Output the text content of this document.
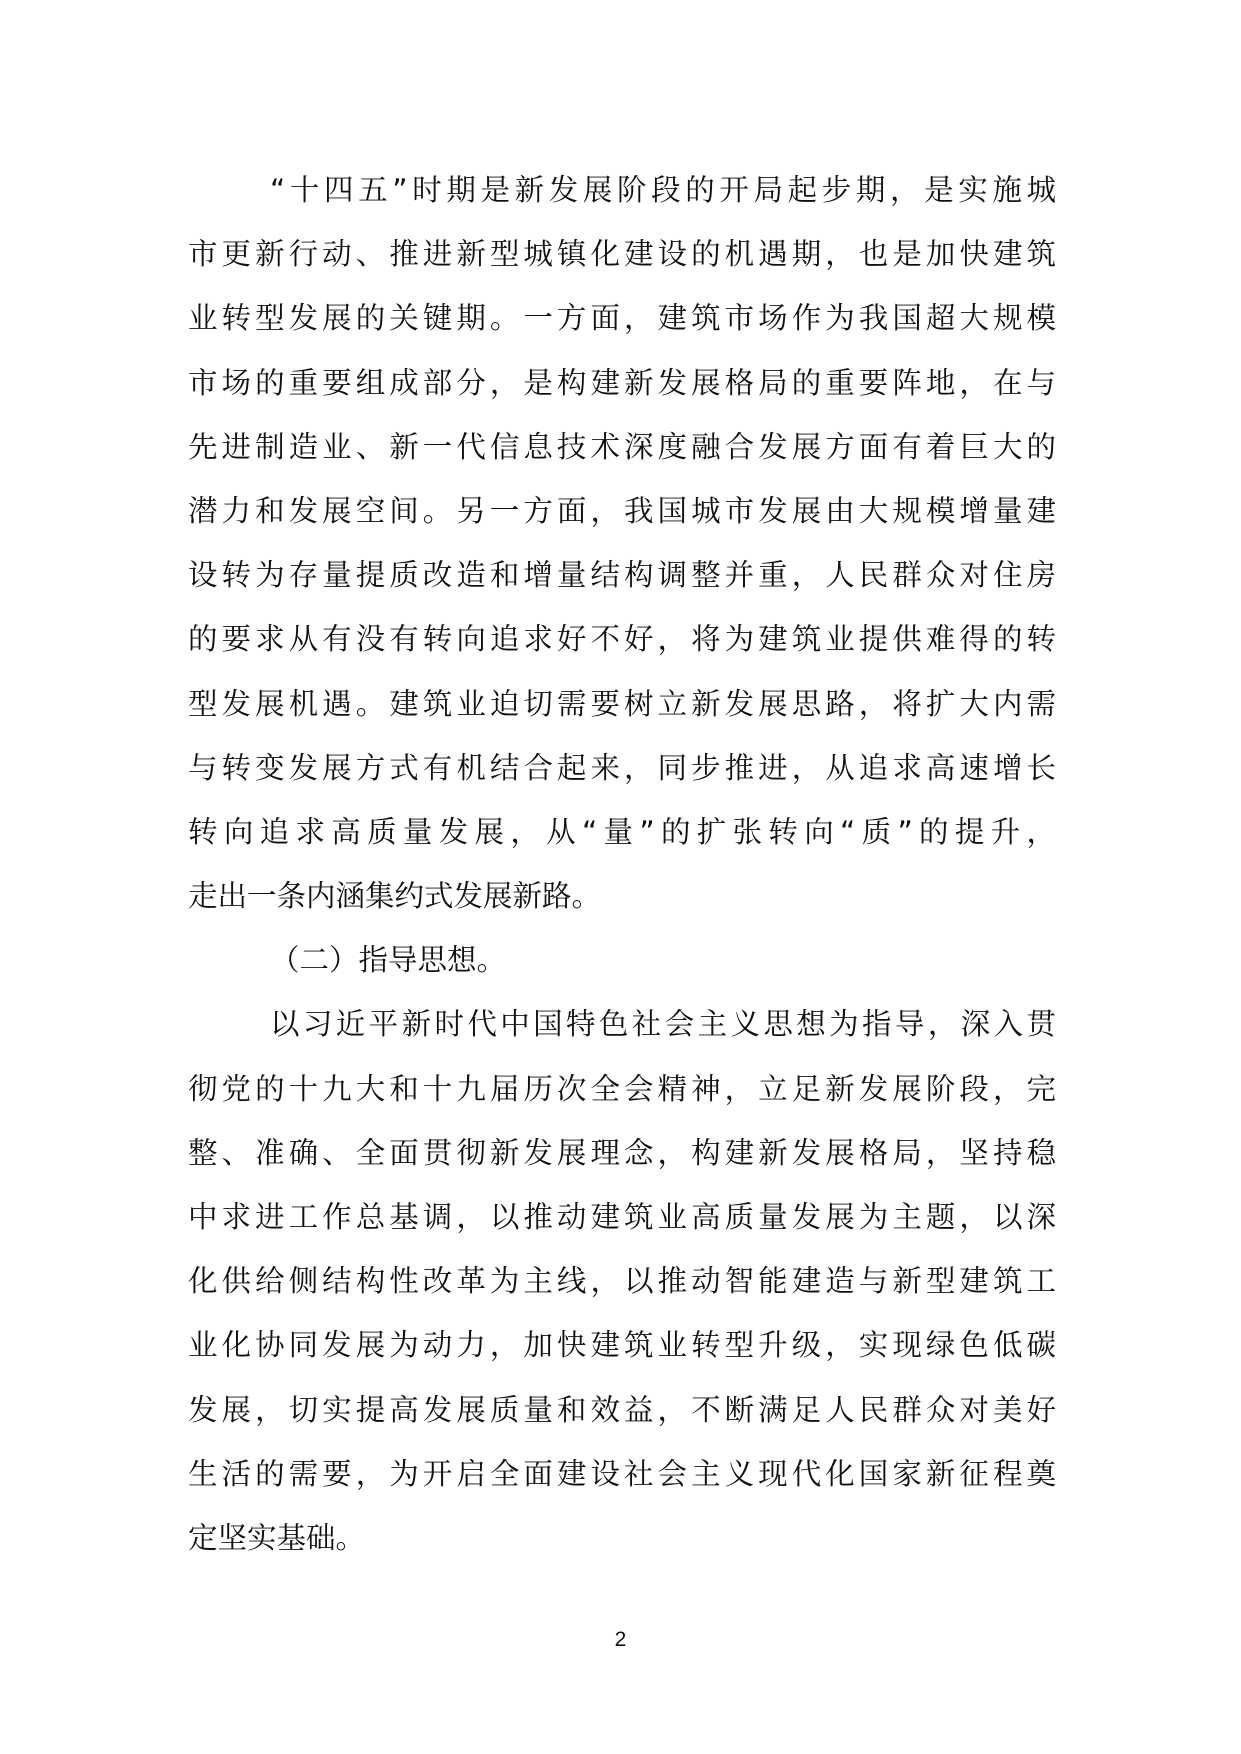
“十四五”时期是新发展阶段的开局起步期，是实施城
市更新行动、推进新型城镇化建设的机遇期，也是加快建筑
业转型发展的关键期。一方面，建筑市场作为我国超大规模
市场的重要组成部分，是构建新发展格局的重要阵地，在与
先进制造业、新一代信息技术深度融合发展方面有着巨大的
潜力和发展空间。另一方面，我国城市发展由大规模增量建
设转为存量提质改造和增量结构调整并重，人民群众对住房
的要求从有没有转向追求好不好，将为建筑业提供难得的转
型发展机遇。建筑业迫切需要树立新发展思路，将扩大内需
与转变发展方式有机结合起来，同步推进，从追求高速增长
转向追求高质量发展，从“量”的扩张转向“质”的提升，
走出一条内涵集约式发展新路。
（二）指导思想。
以习近平新时代中国特色社会主义思想为指导，深入贯
彻党的十九大和十九届历次全会精神，立足新发展阶段，完
整、准确、全面贯彻新发展理念，构建新发展格局，坚持稳
中求进工作总基调，以推动建筑业高质量发展为主题，以深
化供给侧结构性改革为主线，以推动智能建造与新型建筑工
业化协同发展为动力，加快建筑业转型升级，实现绿色低碳
发展，切实提高发展质量和效益，不断满足人民群众对美好
生活的需要，为开启全面建设社会主义现代化国家新征程奠
定坚实基础。
2
